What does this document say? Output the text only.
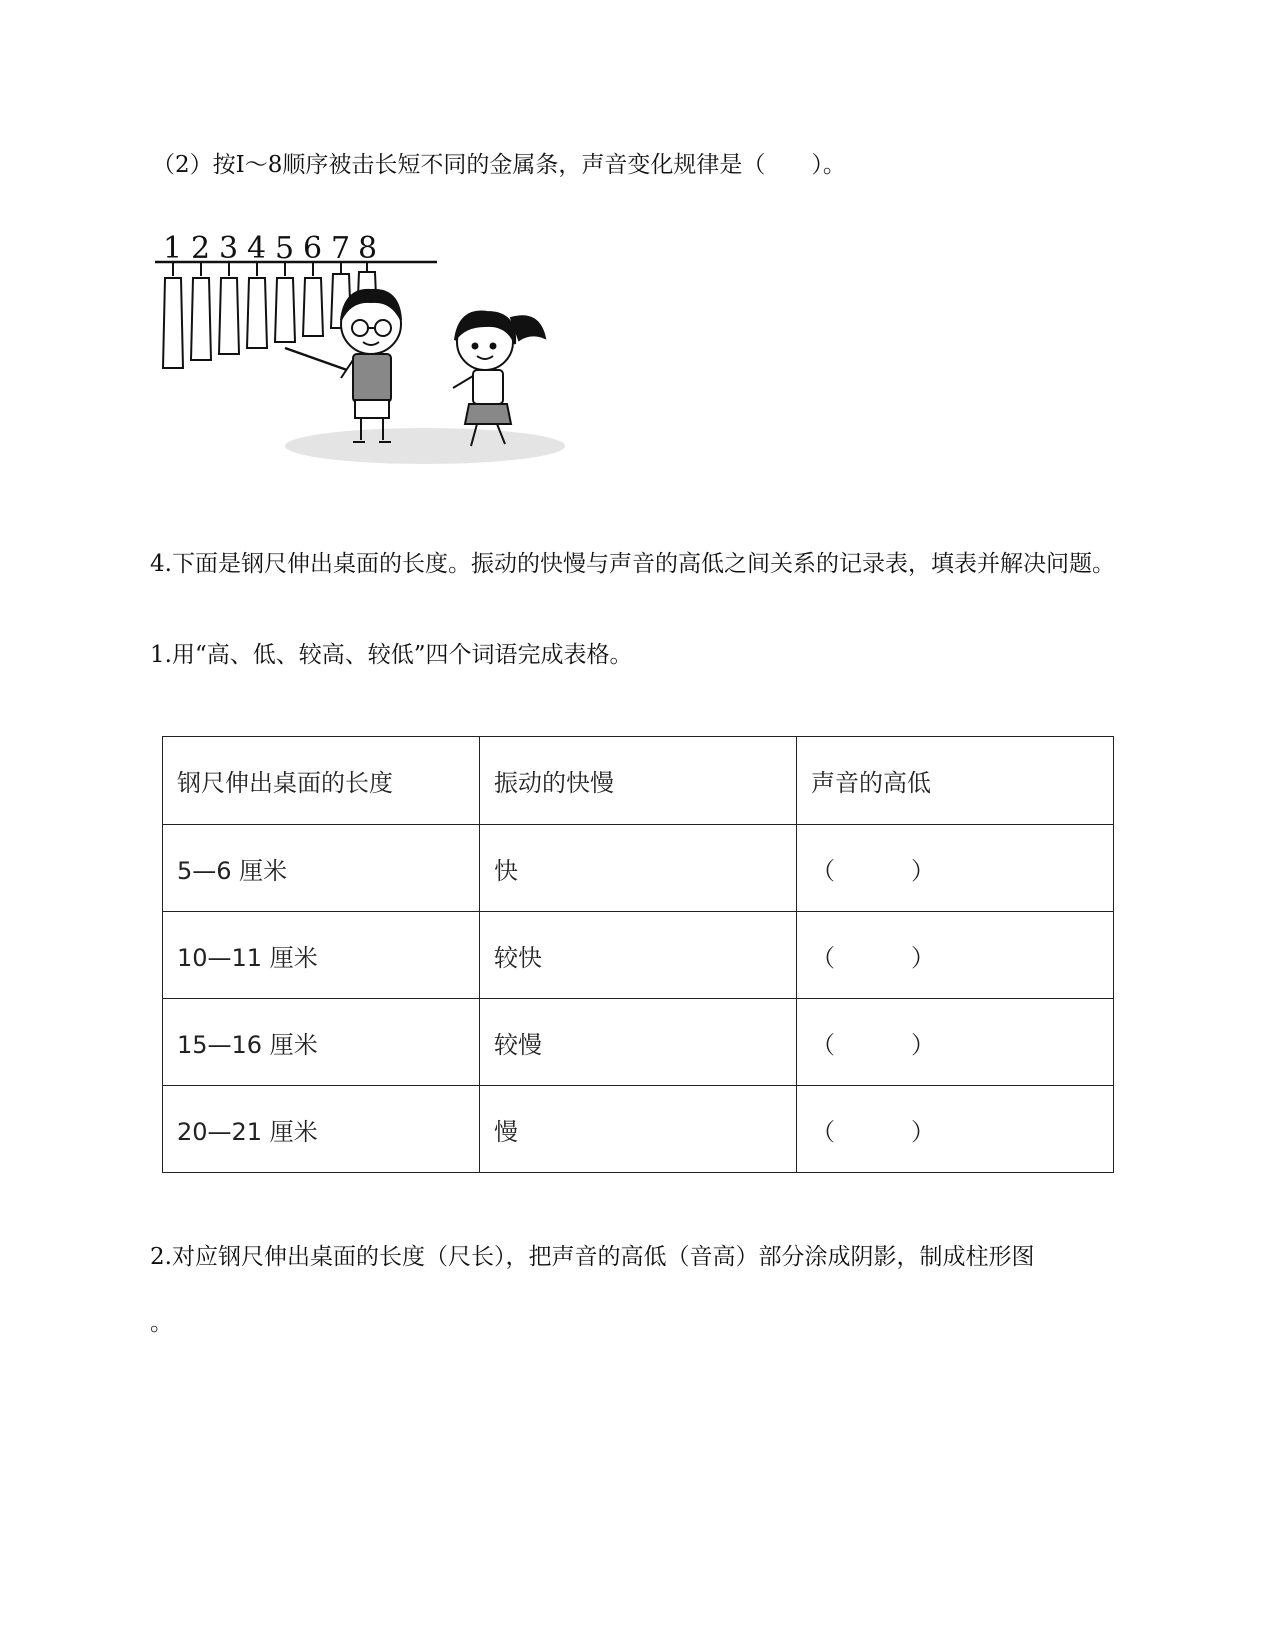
（2）按I～8顺序被击长短不同的金属条，声音变化规律是（　　）。
1 2 3 4 5 6 7 8
4.下面是钢尺伸出桌面的长度。振动的快慢与声音的高低之间关系的记录表，填表并解决问题。
1.用“高、低、较高、较低”四个词语完成表格。
钢尺伸出桌面的长度	振动的快慢	声音的高低
5—6 厘米	快	（ ）
10—11 厘米	较快	（ ）
15—16 厘米	较慢	（ ）
20—21 厘米	慢	（ ）
2.对应钢尺伸出桌面的长度（尺长），把声音的高低（音高）部分涂成阴影，制成柱形图
。
